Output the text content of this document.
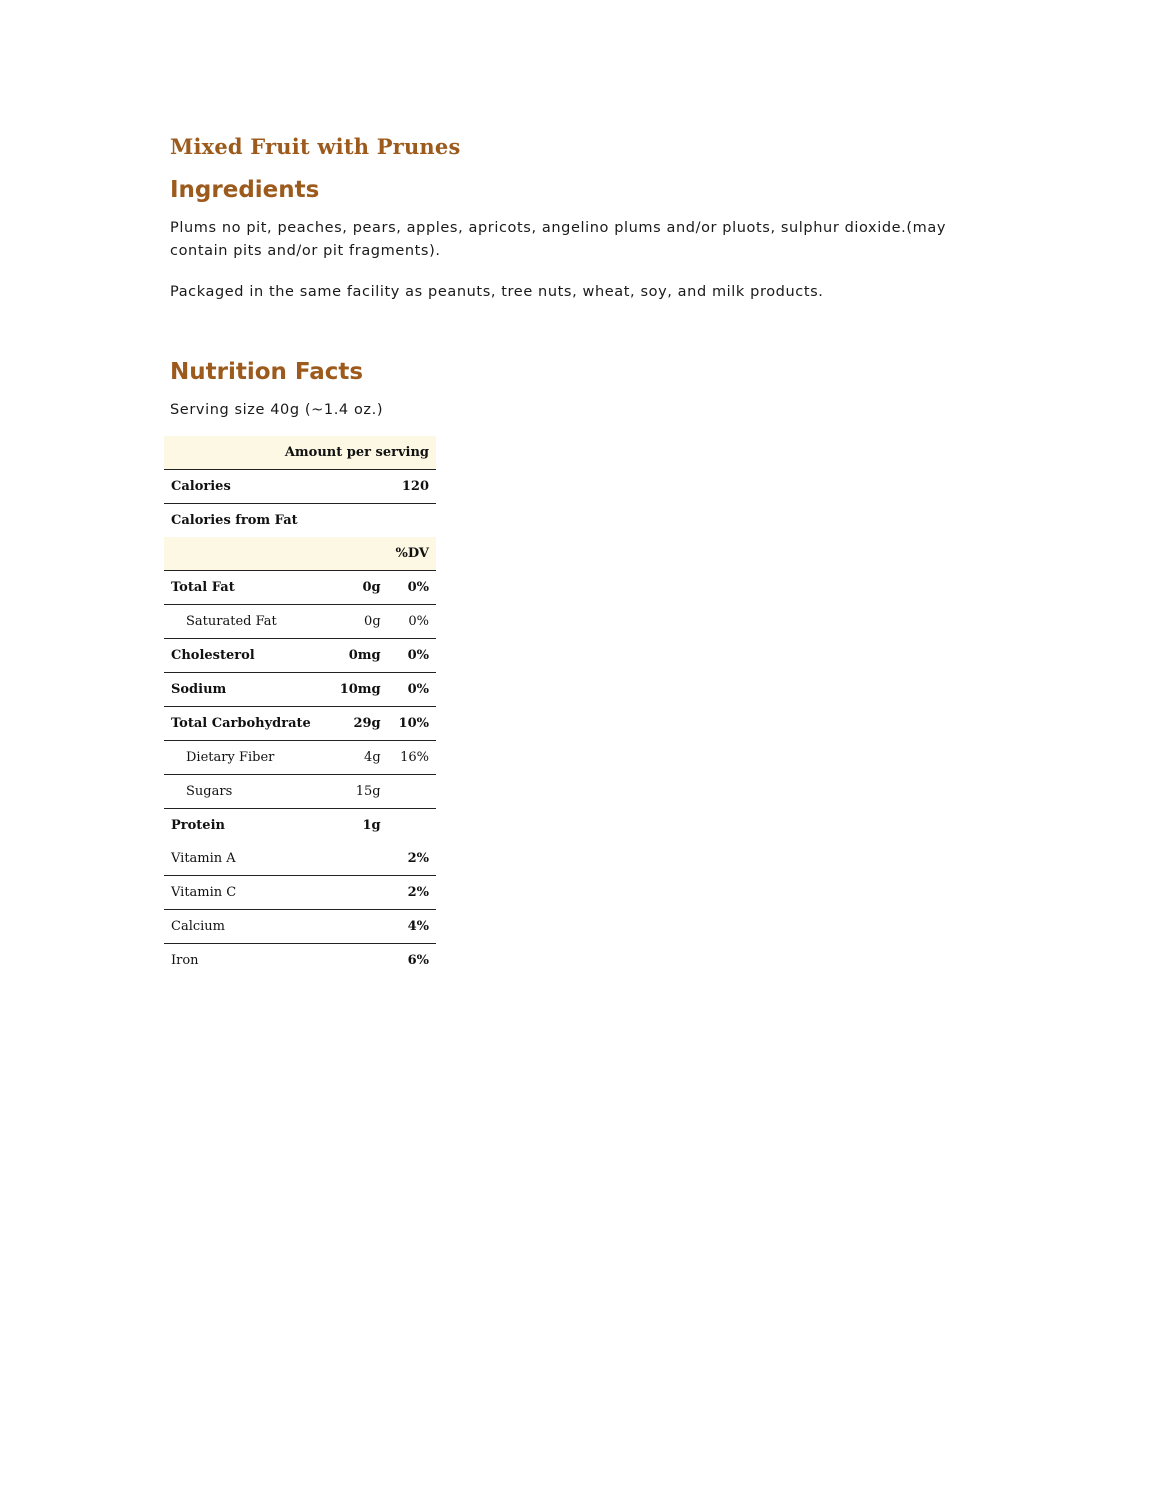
Mixed Fruit with Prunes
Ingredients

Plums no pit, peaches, pears, apples, apricots, angelino plums and/or pluots, sulphur dioxide.(may contain pits and/or pit fragments).

Packaged in the same facility as peanuts, tree nuts, wheat, soy, and milk products.

Nutrition Facts

Serving size 40g (~1.4 oz.)

Amount per serving		
Calories		120
Calories from Fat		
		%DV
Total Fat	0g	0%
Saturated Fat	0g	0%
Cholesterol	0mg	0%
Sodium	10mg	0%
Total Carbohydrate	29g	10%
Dietary Fiber	4g	16%
Sugars	15g	
Protein	1g	
Vitamin A		2%
Vitamin C		2%
Calcium		4%
Iron		6%
